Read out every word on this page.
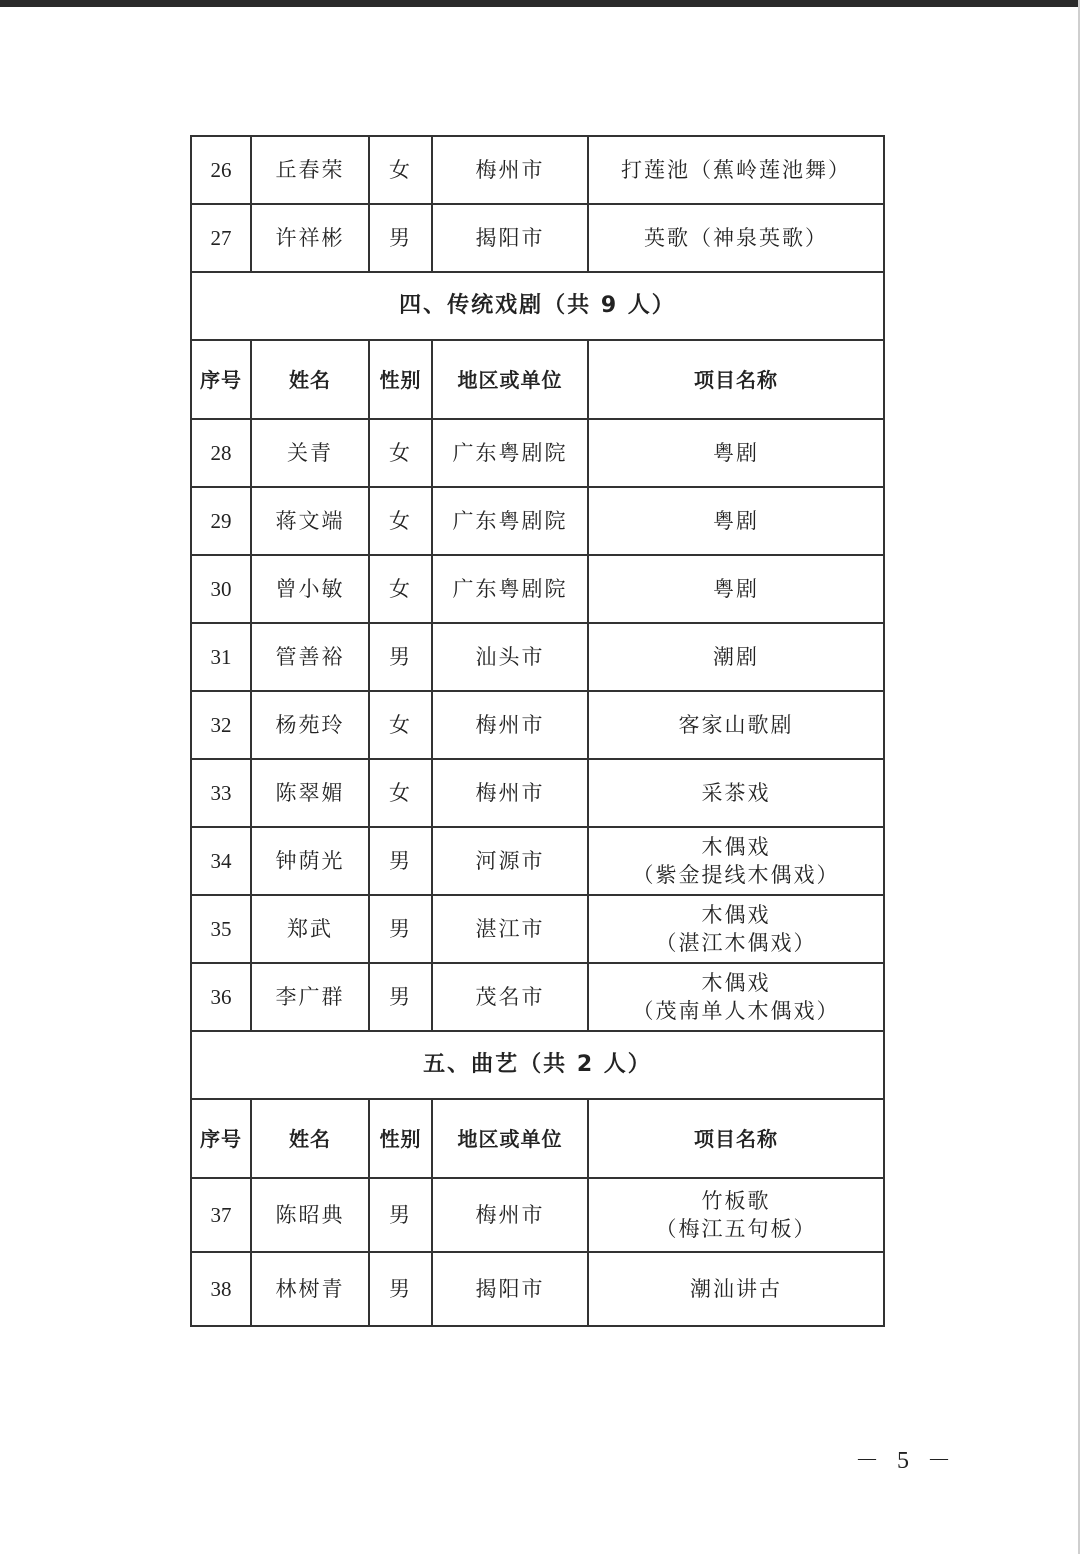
26	丘春荣	女	梅州市	打莲池（蕉岭莲池舞）

27	许祥彬	男	揭阳市	英歌（神泉英歌）

四、传统戏剧（共 9 人）				
序号	姓名	性别	地区或单位	项目名称
28	关青	女	广东粤剧院	粤剧

29	蒋文端	女	广东粤剧院	粤剧

30	曾小敏	女	广东粤剧院	粤剧

31	管善裕	男	汕头市	潮剧

32	杨苑玲	女	梅州市	客家山歌剧

33	陈翠媚	女	梅州市	采茶戏

34	钟荫光	男	河源市	木偶戏
（紫金提线木偶戏）

35	郑武	男	湛江市	木偶戏
（湛江木偶戏）

36	李广群	男	茂名市	木偶戏
（茂南单人木偶戏）

五、曲艺（共 2 人）				
序号	姓名	性别	地区或单位	项目名称
37	陈昭典	男	梅州市	竹板歌
（梅江五句板）

38	林树青	男	揭阳市	潮汕讲古
－ 5 －
